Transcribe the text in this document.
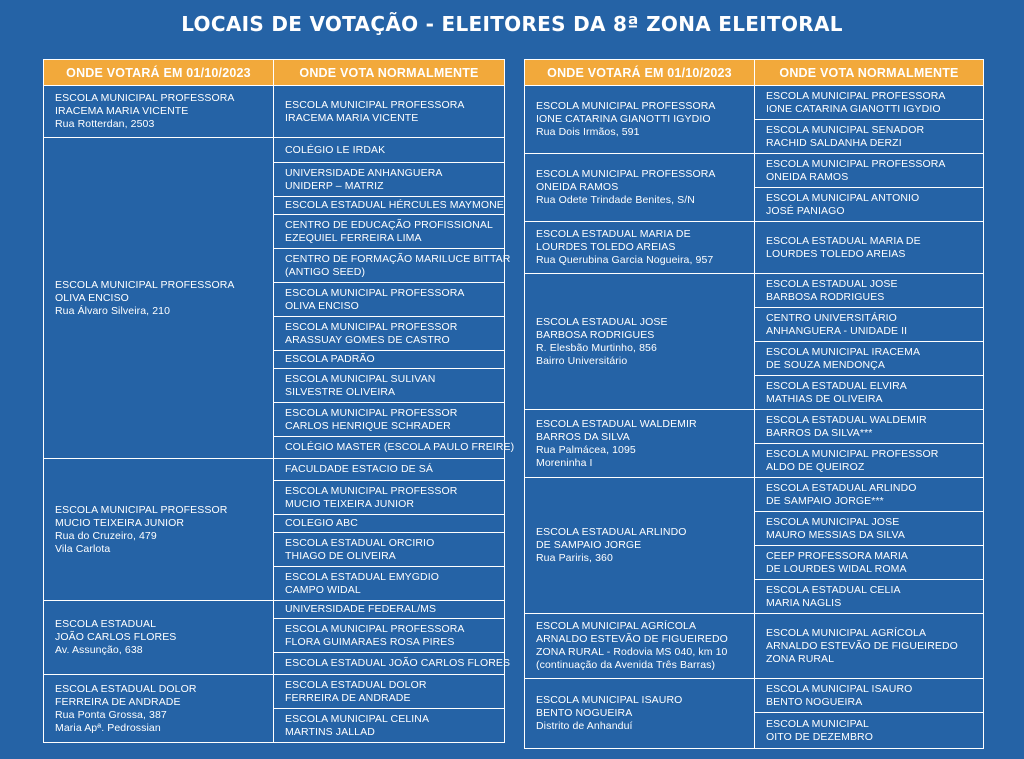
LOCAIS DE VOTAÇÃO - ELEITORES DA 8ª ZONA ELEITORAL
ONDE VOTARÁ EM 01/10/2023	ONDE VOTA NORMALMENTE

ESCOLA MUNICIPAL PROFESSORA
IRACEMA MARIA VICENTE
Rua Rotterdan, 2503	ESCOLA MUNICIPAL PROFESSORA
IRACEMA MARIA VICENTE

ESCOLA MUNICIPAL PROFESSORA
OLIVA ENCISO
Rua Álvaro Silveira, 210	COLÉGIO LE IRDAK

	UNIVERSIDADE ANHANGUERA
UNIDERP – MATRIZ

	ESCOLA ESTADUAL HÉRCULES MAYMONE

	CENTRO DE EDUCAÇÃO PROFISSIONAL
EZEQUIEL FERREIRA LIMA

	CENTRO DE FORMAÇÃO MARILUCE BITTAR
(ANTIGO SEED)

	ESCOLA MUNICIPAL PROFESSORA
OLIVA ENCISO

	ESCOLA MUNICIPAL PROFESSOR
ARASSUAY GOMES DE CASTRO

	ESCOLA PADRÃO

	ESCOLA MUNICIPAL SULIVAN
SILVESTRE OLIVEIRA

	ESCOLA MUNICIPAL PROFESSOR
CARLOS HENRIQUE SCHRADER

	COLÉGIO MASTER (ESCOLA PAULO FREIRE)

ESCOLA MUNICIPAL PROFESSOR
MUCIO TEIXEIRA JUNIOR
Rua do Cruzeiro, 479
Vila Carlota	FACULDADE ESTACIO DE SÁ

	ESCOLA MUNICIPAL PROFESSOR
MUCIO TEIXEIRA JUNIOR

	COLEGIO ABC

	ESCOLA ESTADUAL ORCIRIO
THIAGO DE OLIVEIRA

	ESCOLA ESTADUAL EMYGDIO
CAMPO WIDAL

ESCOLA ESTADUAL
JOÃO CARLOS FLORES
Av. Assunção, 638	UNIVERSIDADE FEDERAL/MS

	ESCOLA MUNICIPAL PROFESSORA
FLORA GUIMARAES ROSA PIRES

	ESCOLA ESTADUAL JOÃO CARLOS FLORES

ESCOLA ESTADUAL DOLOR
FERREIRA DE ANDRADE
Rua Ponta Grossa, 387
Maria Apª. Pedrossian	ESCOLA ESTADUAL DOLOR
FERREIRA DE ANDRADE

	ESCOLA MUNICIPAL CELINA
MARTINS JALLAD
ONDE VOTARÁ EM 01/10/2023	ONDE VOTA NORMALMENTE

ESCOLA MUNICIPAL PROFESSORA
IONE CATARINA GIANOTTI IGYDIO
Rua Dois Irmãos, 591	ESCOLA MUNICIPAL PROFESSORA
IONE CATARINA GIANOTTI IGYDIO

	ESCOLA MUNICIPAL SENADOR
RACHID SALDANHA DERZI

ESCOLA MUNICIPAL PROFESSORA
ONEIDA RAMOS
Rua Odete Trindade Benites, S/N	ESCOLA MUNICIPAL PROFESSORA
ONEIDA RAMOS

	ESCOLA MUNICIPAL ANTONIO
JOSÉ PANIAGO

ESCOLA ESTADUAL MARIA DE
LOURDES TOLEDO AREIAS
Rua Querubina Garcia Nogueira, 957	ESCOLA ESTADUAL MARIA DE
LOURDES TOLEDO AREIAS

ESCOLA ESTADUAL JOSE
BARBOSA RODRIGUES
R. Elesbão Murtinho, 856
Bairro Universitário	ESCOLA ESTADUAL JOSE
BARBOSA RODRIGUES

	CENTRO UNIVERSITÁRIO
ANHANGUERA - UNIDADE II

	ESCOLA MUNICIPAL IRACEMA
DE SOUZA MENDONÇA

	ESCOLA ESTADUAL ELVIRA
MATHIAS DE OLIVEIRA

ESCOLA ESTADUAL WALDEMIR
BARROS DA SILVA
Rua Palmácea, 1095
Moreninha I	ESCOLA ESTADUAL WALDEMIR
BARROS DA SILVA***

	ESCOLA MUNICIPAL PROFESSOR
ALDO DE QUEIROZ

ESCOLA ESTADUAL ARLINDO
DE SAMPAIO JORGE
Rua Pariris, 360	ESCOLA ESTADUAL ARLINDO
DE SAMPAIO JORGE***

	ESCOLA MUNICIPAL JOSE
MAURO MESSIAS DA SILVA

	CEEP PROFESSORA MARIA
DE LOURDES WIDAL ROMA

	ESCOLA ESTADUAL CELIA
MARIA NAGLIS

ESCOLA MUNICIPAL AGRÍCOLA
ARNALDO ESTEVÃO DE FIGUEIREDO
ZONA RURAL - Rodovia MS 040, km 10
(continuação da Avenida Três Barras)	ESCOLA MUNICIPAL AGRÍCOLA
ARNALDO ESTEVÃO DE FIGUEIREDO
ZONA RURAL

ESCOLA MUNICIPAL ISAURO
BENTO NOGUEIRA
Distrito de Anhanduí	ESCOLA MUNICIPAL ISAURO
BENTO NOGUEIRA

	ESCOLA MUNICIPAL
OITO DE DEZEMBRO
